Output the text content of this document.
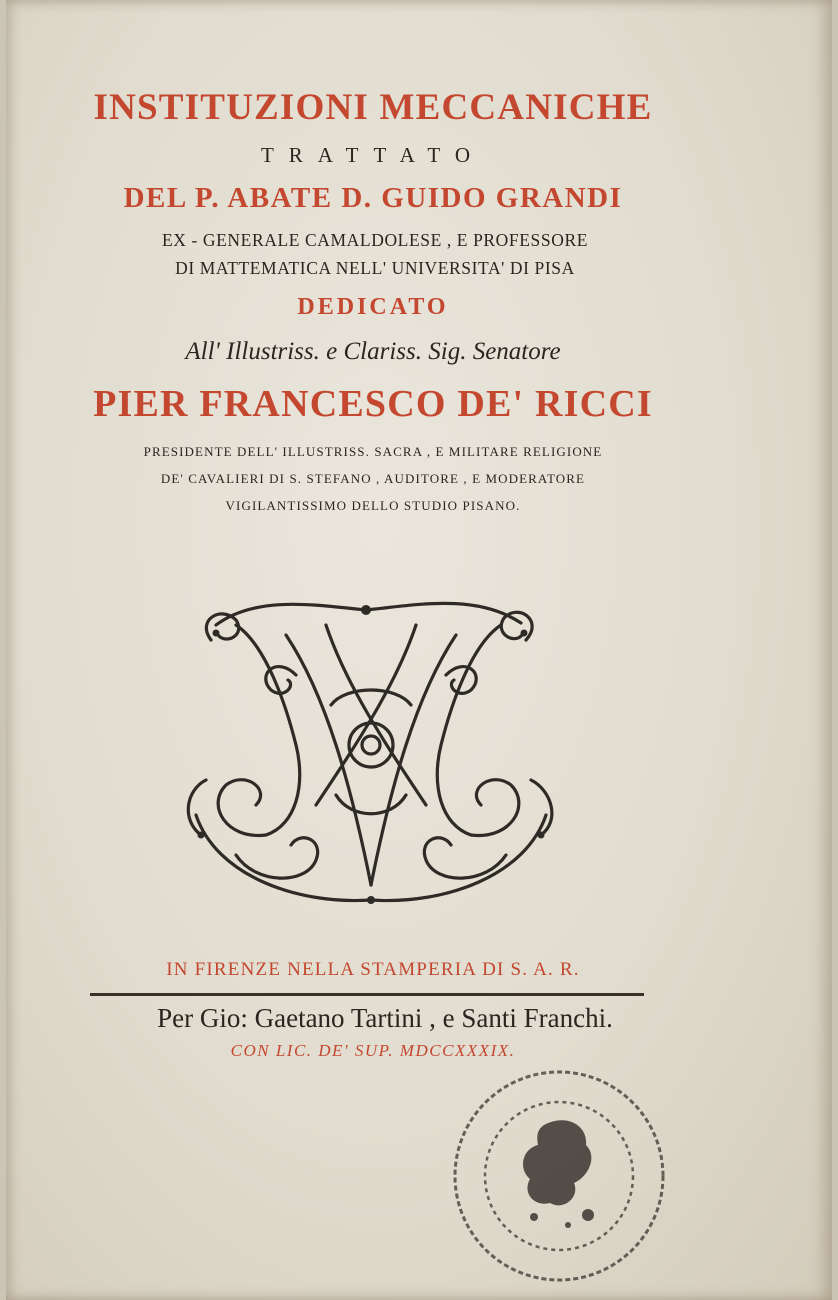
INSTITUZIONI MECCANICHE
TRATTATO
DEL P. ABATE D. GUIDO GRANDI
EX - GENERALE CAMALDOLESE , E PROFESSORE
DI MATTEMATICA NELL' UNIVERSITA' DI PISA
DEDICATO
All' Illustriss. e Clariss. Sig. Senatore
PIER FRANCESCO DE' RICCI
PRESIDENTE DELL' ILLUSTRISS. SACRA , E MILITARE RELIGIONE
DE' CAVALIERI DI S. STEFANO , AUDITORE , E MODERATORE
VIGILANTISSIMO DELLO STUDIO PISANO.
IN FIRENZE NELLA STAMPERIA DI S. A. R.
Per Gio: Gaetano Tartini , e Santi Franchi.
CON LIC. DE' SUP. MDCCXXXIX.
